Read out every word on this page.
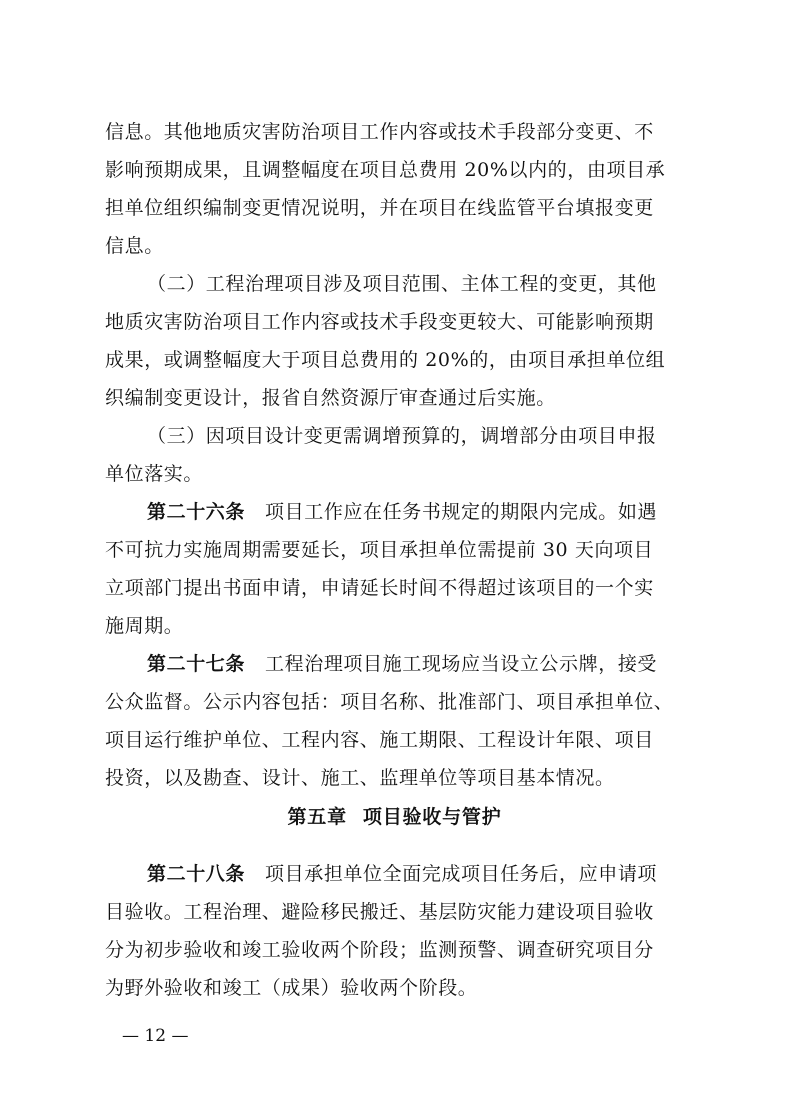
信息。其他地质灾害防治项目工作内容或技术手段部分变更、不
影响预期成果，且调整幅度在项目总费用 20%以内的，由项目承
担单位组织编制变更情况说明，并在项目在线监管平台填报变更
信息。
（二）工程治理项目涉及项目范围、主体工程的变更，其他
地质灾害防治项目工作内容或技术手段变更较大、可能影响预期
成果，或调整幅度大于项目总费用的 20%的，由项目承担单位组
织编制变更设计，报省自然资源厅审查通过后实施。
（三）因项目设计变更需调增预算的，调增部分由项目申报
单位落实。
第二十六条 项目工作应在任务书规定的期限内完成。如遇
不可抗力实施周期需要延长，项目承担单位需提前 30 天向项目
立项部门提出书面申请，申请延长时间不得超过该项目的一个实
施周期。
第二十七条 工程治理项目施工现场应当设立公示牌，接受
公众监督。公示内容包括：项目名称、批准部门、项目承担单位、
项目运行维护单位、工程内容、施工期限、工程设计年限、项目
投资，以及勘查、设计、施工、监理单位等项目基本情况。
第五章 项目验收与管护
第二十八条 项目承担单位全面完成项目任务后，应申请项
目验收。工程治理、避险移民搬迁、基层防灾能力建设项目验收
分为初步验收和竣工验收两个阶段；监测预警、调查研究项目分
为野外验收和竣工（成果）验收两个阶段。
— 12 —
